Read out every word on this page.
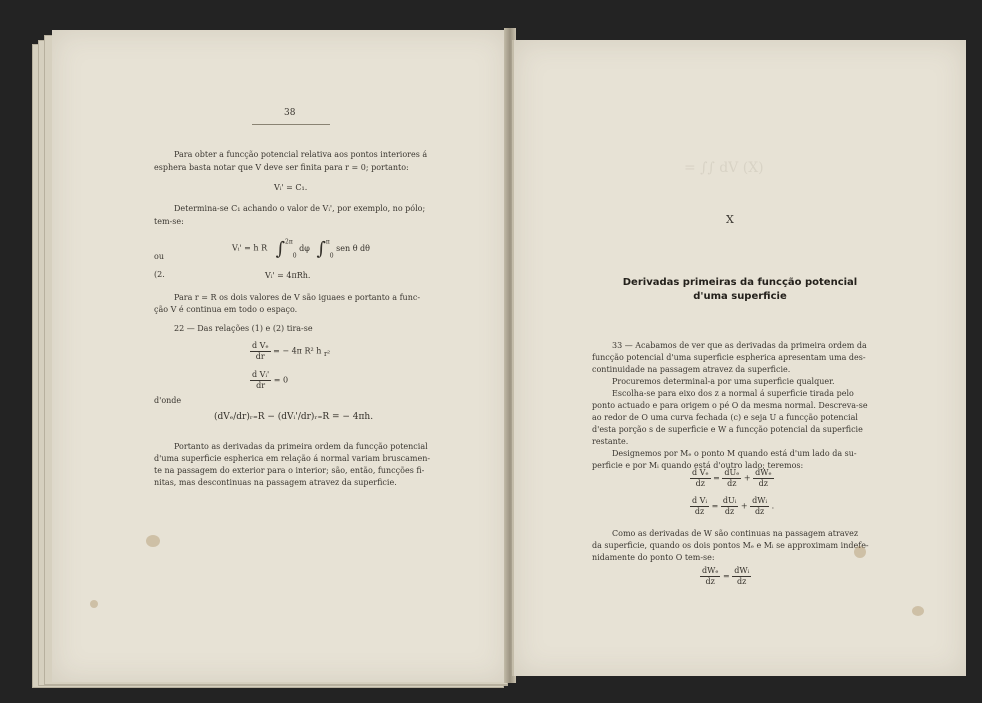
38
Para obter a funcção potencial relativa aos pontos interiores á
esphera basta notar que V deve ser finita para r = 0; portanto:
Vᵢ' = C₁.
Determina-se C₁ achando o valor de Vᵢ', por exemplo, no pólo;
tem-se:
Vᵢ' = h R ∫$^{2\pi}$0 dφ ∫$^\pi$0 sen θ dθ
ou
(2.	Vᵢ' = 4πRh.
Para r = R os dois valores de V são iguaes e portanto a func-
ção V é continua em todo o espaço.
22 — Das relações (1) e (2) tira-se
$\frac{\text{d Vₑ}}{dr}$ = − 4π R² h r²
$\frac{\text{d Vᵢ'}}{dr} = 0$
d'onde
(dVₑ/dr)ᵣ₌R − (dVᵢ'/dr)ᵣ₌R = − 4πh.
Portanto as derivadas da primeira ordem da funcção potencial
d'uma superficie espherica em relação á normal variam bruscamen-
te na passagem do exterior para o interior; são, então, funcções fi-
nitas, mas descontinuas na passagem atravez da superficie.
= ∫∫ dV (X)
X
Derivadas primeiras da funcção potencial
d'uma superficie
33 — Acabamos de ver que as derivadas da primeira ordem da
funcção potencial d'uma superficie espherica apresentam uma des-
continuidade na passagem atravez da superficie.
Procuremos determinal-a por uma superficie qualquer.
Escolha-se para eixo dos z a normal á superficie tirada pelo
ponto actuado e para origem o pé O da mesma normal. Descreva-se
ao redor de O uma curva fechada (c) e seja U a funcção potencial
d'esta porção s de superficie e W a funcção potencial da superficie
restante.
Designemos por Mₑ o ponto M quando está d'um lado da su-
perficie e por Mᵢ quando está d'outro lado; teremos:
$\frac{\text{d Vₑ}}{dz} = \frac{\text{dUₑ}}{dz} + \frac{\text{dWₑ}}{dz}$
$\frac{\text{d Vᵢ}}{dz} = \frac{\text{dUᵢ}}{dz} + \frac{\text{dWᵢ}}{dz}$ .
Como as derivadas de W são continuas na passagem atravez
da superficie, quando os dois pontos Mₑ e Mᵢ se approximam indefe-
nidamente do ponto O tem-se:
$\frac{\text{dWₑ}}{dz} = \frac{\text{dWᵢ}}{dz}$
